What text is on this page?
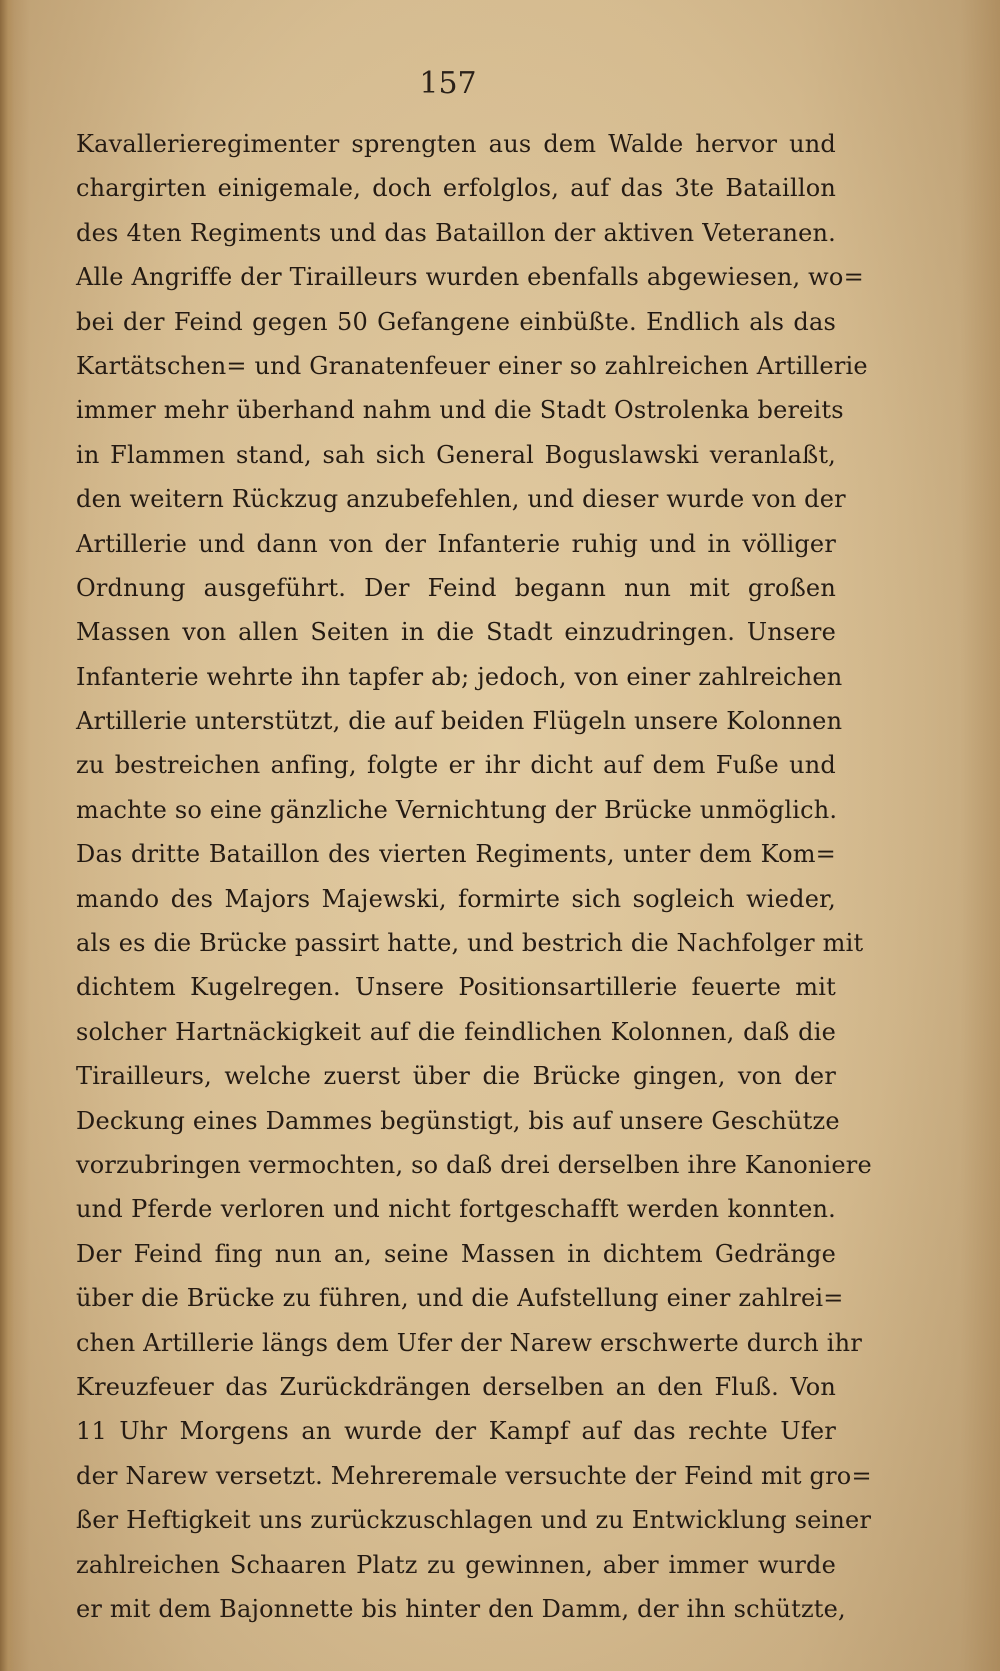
157
Kavallerieregimenter sprengten aus dem Walde hervor und
chargirten einigemale, doch erfolglos, auf das 3te Bataillon
des 4ten Regiments und das Bataillon der aktiven Veteranen.
Alle Angriffe der Tirailleurs wurden ebenfalls abgewiesen, wo=
bei der Feind gegen 50 Gefangene einbüßte. Endlich als das
Kartätschen= und Granatenfeuer einer so zahlreichen Artillerie
immer mehr überhand nahm und die Stadt Ostrolenka bereits
in Flammen stand, sah sich General Boguslawski veranlaßt,
den weitern Rückzug anzubefehlen, und dieser wurde von der
Artillerie und dann von der Infanterie ruhig und in völliger
Ordnung ausgeführt. Der Feind begann nun mit großen
Massen von allen Seiten in die Stadt einzudringen. Unsere
Infanterie wehrte ihn tapfer ab; jedoch, von einer zahlreichen
Artillerie unterstützt, die auf beiden Flügeln unsere Kolonnen
zu bestreichen anfing, folgte er ihr dicht auf dem Fuße und
machte so eine gänzliche Vernichtung der Brücke unmöglich.
Das dritte Bataillon des vierten Regiments, unter dem Kom=
mando des Majors Majewski, formirte sich sogleich wieder,
als es die Brücke passirt hatte, und bestrich die Nachfolger mit
dichtem Kugelregen. Unsere Positionsartillerie feuerte mit
solcher Hartnäckigkeit auf die feindlichen Kolonnen, daß die
Tirailleurs, welche zuerst über die Brücke gingen, von der
Deckung eines Dammes begünstigt, bis auf unsere Geschütze
vorzubringen vermochten, so daß drei derselben ihre Kanoniere
und Pferde verloren und nicht fortgeschafft werden konnten.
Der Feind fing nun an, seine Massen in dichtem Gedränge
über die Brücke zu führen, und die Aufstellung einer zahlrei=
chen Artillerie längs dem Ufer der Narew erschwerte durch ihr
Kreuzfeuer das Zurückdrängen derselben an den Fluß. Von
11 Uhr Morgens an wurde der Kampf auf das rechte Ufer
der Narew versetzt. Mehreremale versuchte der Feind mit gro=
ßer Heftigkeit uns zurückzuschlagen und zu Entwicklung seiner
zahlreichen Schaaren Platz zu gewinnen, aber immer wurde
er mit dem Bajonnette bis hinter den Damm, der ihn schützte,
